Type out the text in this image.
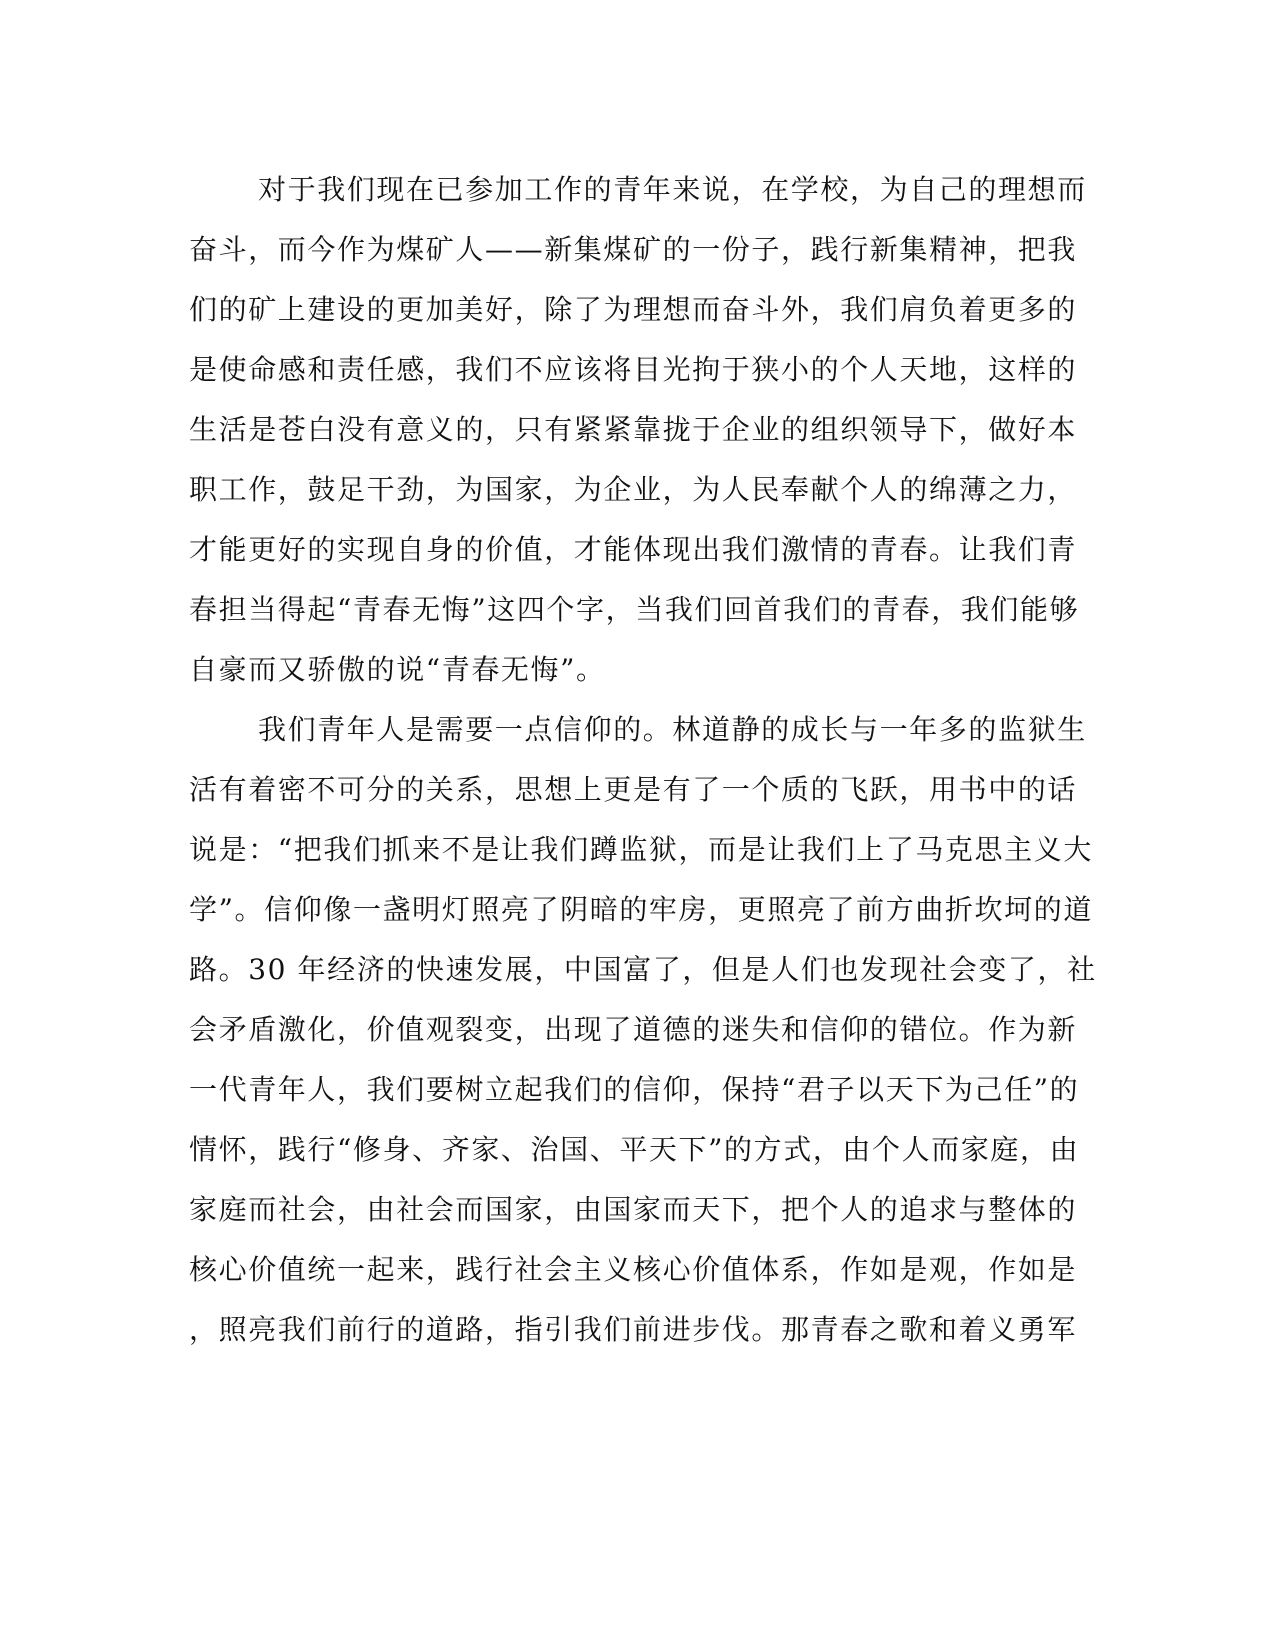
对于我们现在已参加工作的青年来说，在学校，为自己的理想而
奋斗，而今作为煤矿人——新集煤矿的一份子，践行新集精神，把我
们的矿上建设的更加美好，除了为理想而奋斗外，我们肩负着更多的
是使命感和责任感，我们不应该将目光拘于狭小的个人天地，这样的
生活是苍白没有意义的，只有紧紧靠拢于企业的组织领导下，做好本
职工作，鼓足干劲，为国家，为企业，为人民奉献个人的绵薄之力，
才能更好的实现自身的价值，才能体现出我们激情的青春。让我们青
春担当得起“青春无悔”这四个字，当我们回首我们的青春，我们能够
自豪而又骄傲的说“青春无悔”。
我们青年人是需要一点信仰的。林道静的成长与一年多的监狱生
活有着密不可分的关系，思想上更是有了一个质的飞跃，用书中的话
说是：“把我们抓来不是让我们蹲监狱，而是让我们上了马克思主义大
学”。信仰像一盏明灯照亮了阴暗的牢房，更照亮了前方曲折坎坷的道
路。30 年经济的快速发展，中国富了，但是人们也发现社会变了，社
会矛盾激化，价值观裂变，出现了道德的迷失和信仰的错位。作为新
一代青年人，我们要树立起我们的信仰，保持“君子以天下为己任”的
情怀，践行“修身、齐家、治国、平天下”的方式，由个人而家庭，由
家庭而社会，由社会而国家，由国家而天下，把个人的追求与整体的
核心价值统一起来，践行社会主义核心价值体系，作如是观，作如是
，照亮我们前行的道路，指引我们前进步伐。那青春之歌和着义勇军
